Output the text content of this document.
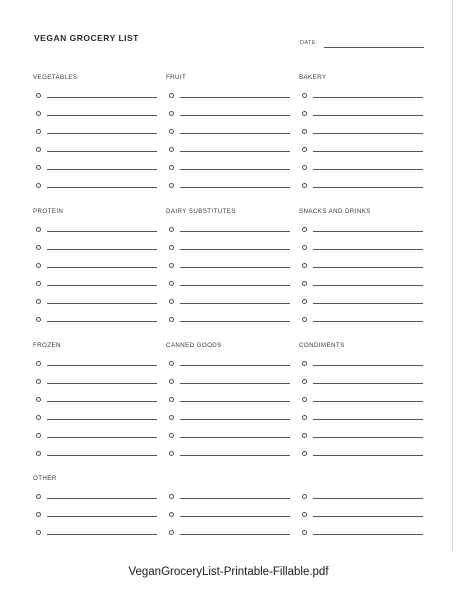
VEGAN GROCERY LIST	DATE:
VEGETABLES	FRUIT	BAKERY
PROTEIN	DAIRY SUBSTITUTES	SNACKS AND DRINKS
FROZEN	CANNED GOODS	CONDIMENTS
OTHER
VeganGroceryList-Printable-Fillable.pdf
